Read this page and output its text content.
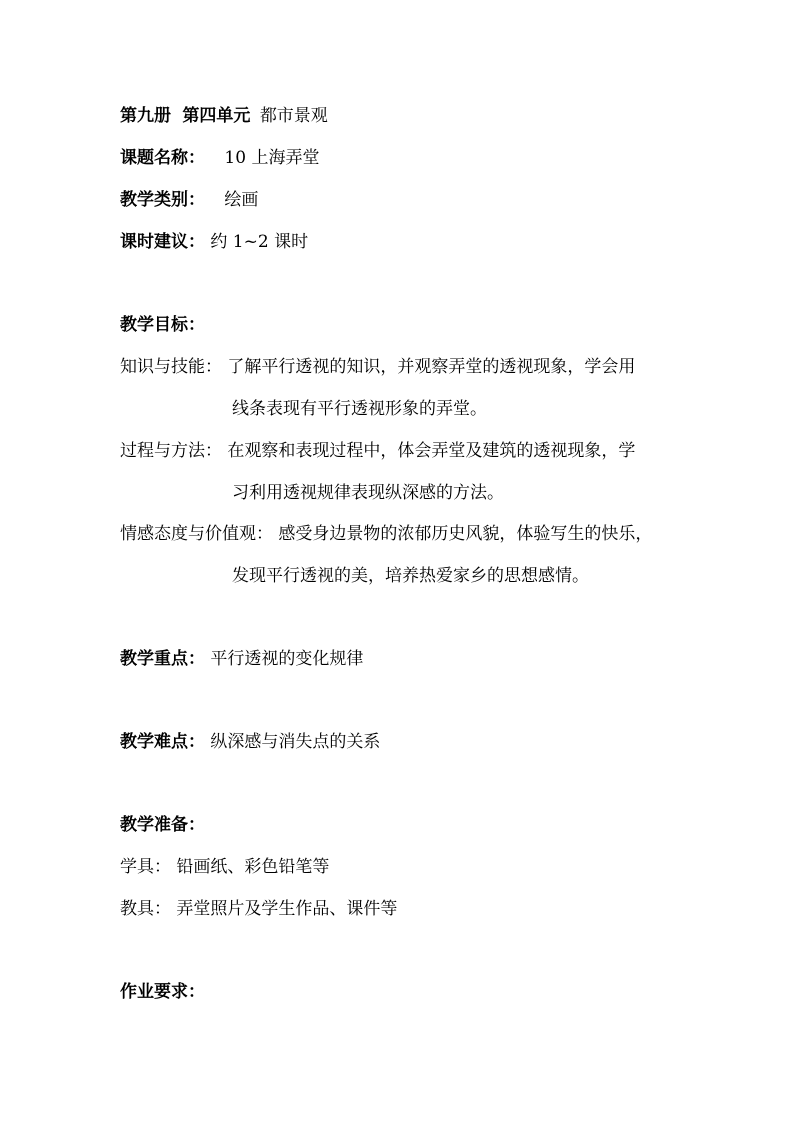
第九册 第四单元 都市景观
课题名称： 10 上海弄堂
教学类别： 绘画
课时建议： 约 1~2 课时
教学目标：
知识与技能： 了解平行透视的知识，并观察弄堂的透视现象，学会用
线条表现有平行透视形象的弄堂。
过程与方法： 在观察和表现过程中，体会弄堂及建筑的透视现象，学
习利用透视规律表现纵深感的方法。
情感态度与价值观： 感受身边景物的浓郁历史风貌，体验写生的快乐，
发现平行透视的美，培养热爱家乡的思想感情。
教学重点： 平行透视的变化规律
教学难点： 纵深感与消失点的关系
教学准备：
学具： 铅画纸、彩色铅笔等
教具： 弄堂照片及学生作品、课件等
作业要求：
